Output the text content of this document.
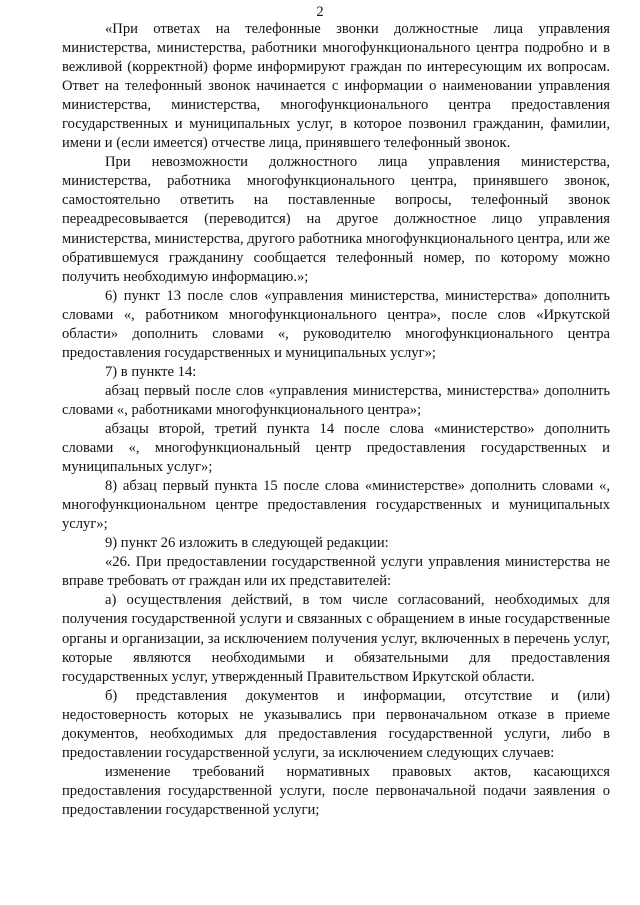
2

«При ответах на телефонные звонки должностные лица управления министерства, министерства, работники многофункционального центра подробно и в вежливой (корректной) форме информируют граждан по интересующим их вопросам. Ответ на телефонный звонок начинается с информации о наименовании управления министерства, министерства, многофункционального центра предоставления государственных и муниципальных услуг, в которое позвонил гражданин, фамилии, имени и (если имеется) отчестве лица, принявшего телефонный звонок.

При невозможности должностного лица управления министерства, министерства, работника многофункционального центра, принявшего звонок, самостоятельно ответить на поставленные вопросы, телефонный звонок переадресовывается (переводится) на другое должностное лицо управления министерства, министерства, другого работника многофункционального центра, или же обратившемуся гражданину сообщается телефонный номер, по которому можно получить необходимую информацию.»;

6) пункт 13 после слов «управления министерства, министерства» дополнить словами «, работником многофункционального центра», после слов «Иркутской области» дополнить словами «, руководителю многофункционального центра предоставления государственных и муниципальных услуг»;

7) в пункте 14:

абзац первый после слов «управления министерства, министерства» дополнить словами «, работниками многофункционального центра»;

абзацы второй, третий пункта 14 после слова «министерство» дополнить словами «, многофункциональный центр предоставления государственных и муниципальных услуг»;

8) абзац первый пункта 15 после слова «министерстве» дополнить словами «, многофункциональном центре предоставления государственных и муниципальных услуг»;

9) пункт 26 изложить в следующей редакции:

«26. При предоставлении государственной услуги управления министерства не вправе требовать от граждан или их представителей:

а) осуществления действий, в том числе согласований, необходимых для получения государственной услуги и связанных с обращением в иные государственные органы и организации, за исключением получения услуг, включенных в перечень услуг, которые являются необходимыми и обязательными для предоставления государственных услуг, утвержденный Правительством Иркутской области.

б) представления документов и информации, отсутствие и (или) недостоверность которых не указывались при первоначальном отказе в приеме документов, необходимых для предоставления государственной услуги, либо в предоставлении государственной услуги, за исключением следующих случаев:

изменение требований нормативных правовых актов, касающихся предоставления государственной услуги, после первоначальной подачи заявления о предоставлении государственной услуги;
